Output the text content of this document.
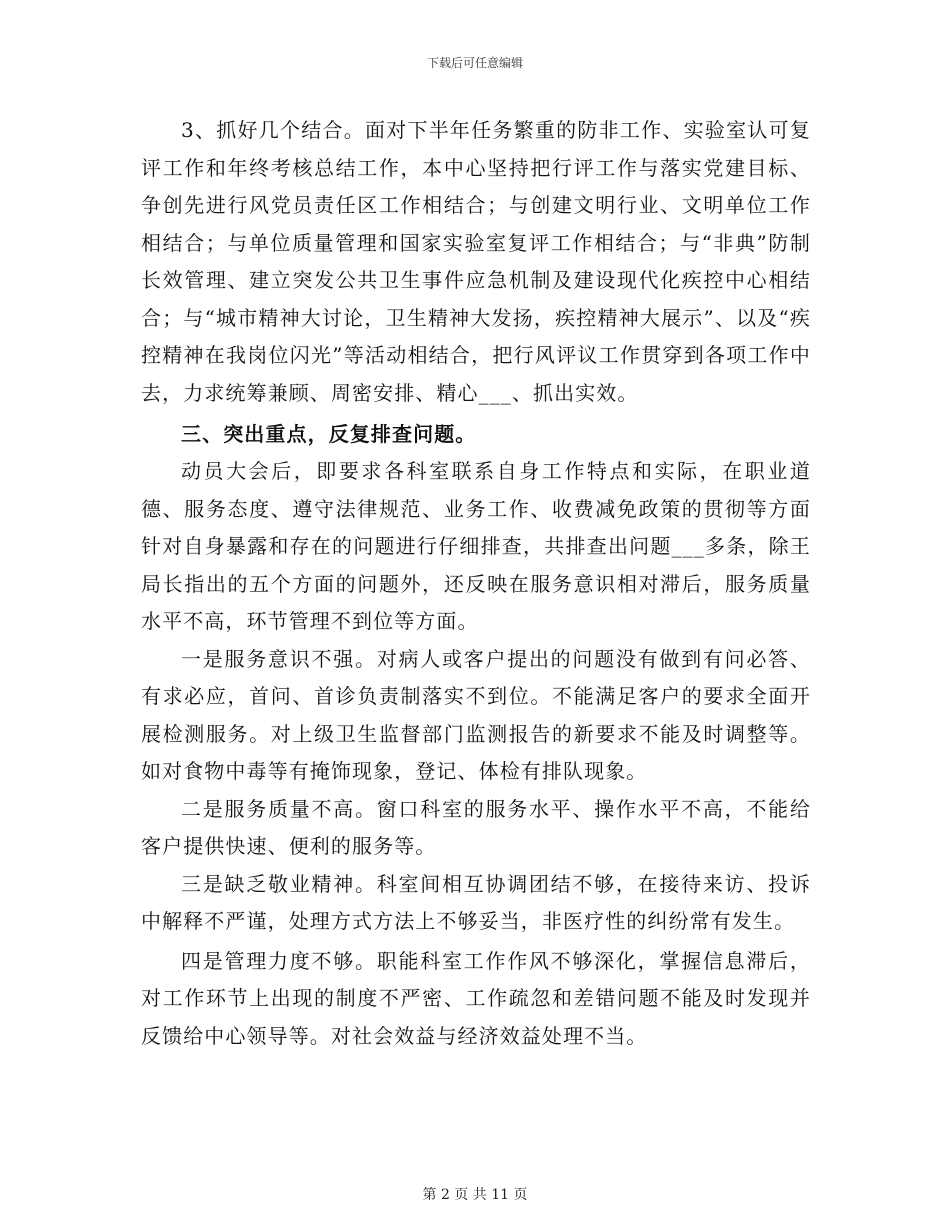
下载后可任意编辑

3、抓好几个结合。面对下半年任务繁重的防非工作、实验室认可复评工作和年终考核总结工作，本中心坚持把行评工作与落实党建目标、争创先进行风党员责任区工作相结合；与创建文明行业、文明单位工作相结合；与单位质量管理和国家实验室复评工作相结合；与“非典”防制长效管理、建立突发公共卫生事件应急机制及建设现代化疾控中心相结合；与“城市精神大讨论，卫生精神大发扬，疾控精神大展示”、以及“疾控精神在我岗位闪光”等活动相结合，把行风评议工作贯穿到各项工作中去，力求统筹兼顾、周密安排、精心___、抓出实效。

三、突出重点，反复排查问题。

动员大会后，即要求各科室联系自身工作特点和实际，在职业道德、服务态度、遵守法律规范、业务工作、收费减免政策的贯彻等方面针对自身暴露和存在的问题进行仔细排查，共排查出问题___多条，除王局长指出的五个方面的问题外，还反映在服务意识相对滞后，服务质量水平不高，环节管理不到位等方面。

一是服务意识不强。对病人或客户提出的问题没有做到有问必答、有求必应，首问、首诊负责制落实不到位。不能满足客户的要求全面开展检测服务。对上级卫生监督部门监测报告的新要求不能及时调整等。如对食物中毒等有掩饰现象，登记、体检有排队现象。

二是服务质量不高。窗口科室的服务水平、操作水平不高，不能给客户提供快速、便利的服务等。

三是缺乏敬业精神。科室间相互协调团结不够，在接待来访、投诉中解释不严谨，处理方式方法上不够妥当，非医疗性的纠纷常有发生。

四是管理力度不够。职能科室工作作风不够深化，掌握信息滞后，对工作环节上出现的制度不严密、工作疏忽和差错问题不能及时发现并反馈给中心领导等。对社会效益与经济效益处理不当。

第 2 页 共 11 页
